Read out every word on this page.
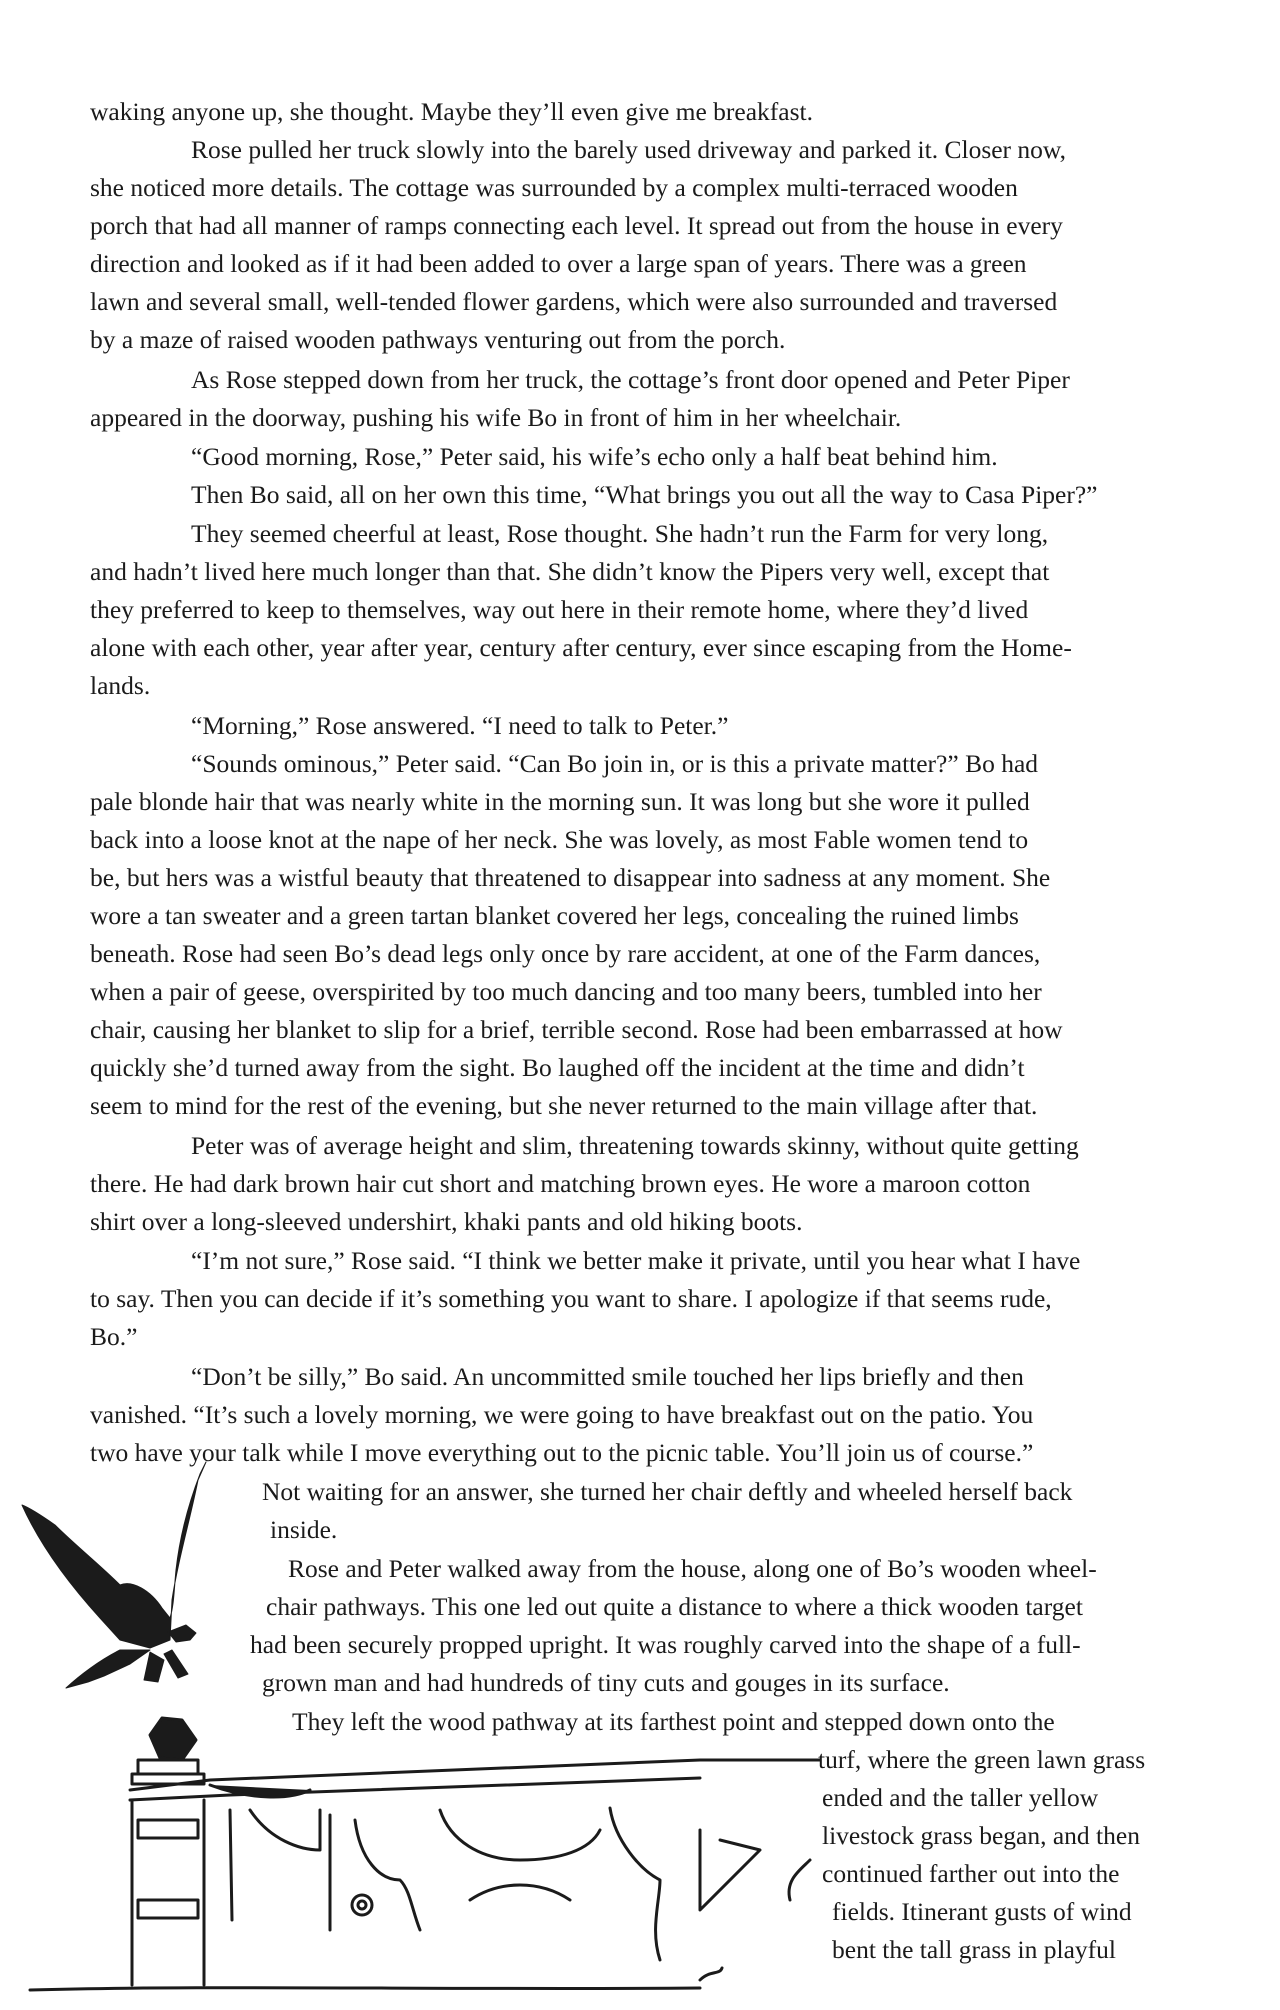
waking anyone up, she thought. Maybe they’ll even give me breakfast.

Rose pulled her truck slowly into the barely used driveway and parked it. Closer now,

she noticed more details. The cottage was surrounded by a complex multi-terraced wooden

porch that had all manner of ramps connecting each level. It spread out from the house in every

direction and looked as if it had been added to over a large span of years. There was a green

lawn and several small, well-tended flower gardens, which were also surrounded and traversed

by a maze of raised wooden pathways venturing out from the porch.

As Rose stepped down from her truck, the cottage’s front door opened and Peter Piper

appeared in the doorway, pushing his wife Bo in front of him in her wheelchair.

“Good morning, Rose,” Peter said, his wife’s echo only a half beat behind him.

Then Bo said, all on her own this time, “What brings you out all the way to Casa Piper?”

They seemed cheerful at least, Rose thought. She hadn’t run the Farm for very long,

and hadn’t lived here much longer than that. She didn’t know the Pipers very well, except that

they preferred to keep to themselves, way out here in their remote home, where they’d lived

alone with each other, year after year, century after century, ever since escaping from the Home-

lands.

“Morning,” Rose answered. “I need to talk to Peter.”

“Sounds ominous,” Peter said. “Can Bo join in, or is this a private matter?” Bo had

pale blonde hair that was nearly white in the morning sun. It was long but she wore it pulled

back into a loose knot at the nape of her neck. She was lovely, as most Fable women tend to

be, but hers was a wistful beauty that threatened to disappear into sadness at any moment. She

wore a tan sweater and a green tartan blanket covered her legs, concealing the ruined limbs

beneath. Rose had seen Bo’s dead legs only once by rare accident, at one of the Farm dances,

when a pair of geese, overspirited by too much dancing and too many beers, tumbled into her

chair, causing her blanket to slip for a brief, terrible second. Rose had been embarrassed at how

quickly she’d turned away from the sight. Bo laughed off the incident at the time and didn’t

seem to mind for the rest of the evening, but she never returned to the main village after that.

Peter was of average height and slim, threatening towards skinny, without quite getting

there. He had dark brown hair cut short and matching brown eyes. He wore a maroon cotton

shirt over a long-sleeved undershirt, khaki pants and old hiking boots.

“I’m not sure,” Rose said. “I think we better make it private, until you hear what I have

to say. Then you can decide if it’s something you want to share. I apologize if that seems rude,

Bo.”

“Don’t be silly,” Bo said. An uncommitted smile touched her lips briefly and then

vanished. “It’s such a lovely morning, we were going to have breakfast out on the patio. You

two have your talk while I move everything out to the picnic table. You’ll join us of course.”

Not waiting for an answer, she turned her chair deftly and wheeled herself back

inside.

Rose and Peter walked away from the house, along one of Bo’s wooden wheel-

chair pathways. This one led out quite a distance to where a thick wooden target

had been securely propped upright. It was roughly carved into the shape of a full-

grown man and had hundreds of tiny cuts and gouges in its surface.

They left the wood pathway at its farthest point and stepped down onto the

turf, where the green lawn grass

ended and the taller yellow

livestock grass began, and then

continued farther out into the

fields. Itinerant gusts of wind

bent the tall grass in playful
